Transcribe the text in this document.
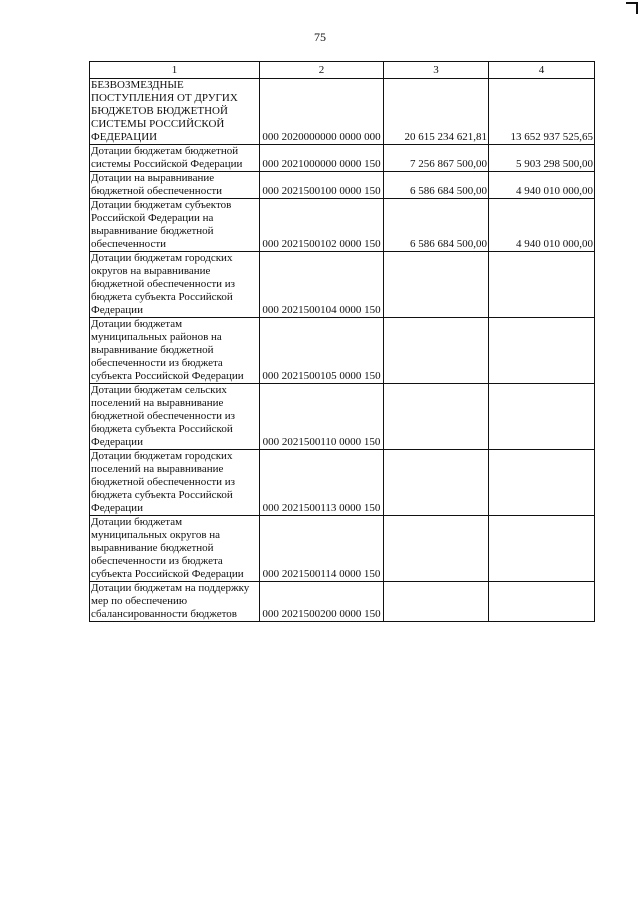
75
1	2	3	4
БЕЗВОЗМЕЗДНЫЕ ПОСТУПЛЕНИЯ ОТ ДРУГИХ БЮДЖЕТОВ БЮДЖЕТНОЙ СИСТЕМЫ РОССИЙСКОЙ ФЕДЕРАЦИИ	000 2020000000 0000 000	20 615 234 621,81	13 652 937 525,65
Дотации бюджетам бюджетной системы Российской Федерации	000 2021000000 0000 150	7 256 867 500,00	5 903 298 500,00
Дотации на выравнивание бюджетной обеспеченности	000 2021500100 0000 150	6 586 684 500,00	4 940 010 000,00
Дотации бюджетам субъектов Российской Федерации на выравнивание бюджетной обеспеченности	000 2021500102 0000 150	6 586 684 500,00	4 940 010 000,00
Дотации бюджетам городских округов на выравнивание бюджетной обеспеченности из бюджета субъекта Российской Федерации	000 2021500104 0000 150		
Дотации бюджетам муниципальных районов на выравнивание бюджетной обеспеченности из бюджета субъекта Российской Федерации	000 2021500105 0000 150		
Дотации бюджетам сельских поселений на выравнивание бюджетной обеспеченности из бюджета субъекта Российской Федерации	000 2021500110 0000 150		
Дотации бюджетам городских поселений на выравнивание бюджетной обеспеченности из бюджета субъекта Российской Федерации	000 2021500113 0000 150		
Дотации бюджетам муниципальных округов на выравнивание бюджетной обеспеченности из бюджета субъекта Российской Федерации	000 2021500114 0000 150		
Дотации бюджетам на поддержку мер по обеспечению сбалансированности бюджетов	000 2021500200 0000 150		
